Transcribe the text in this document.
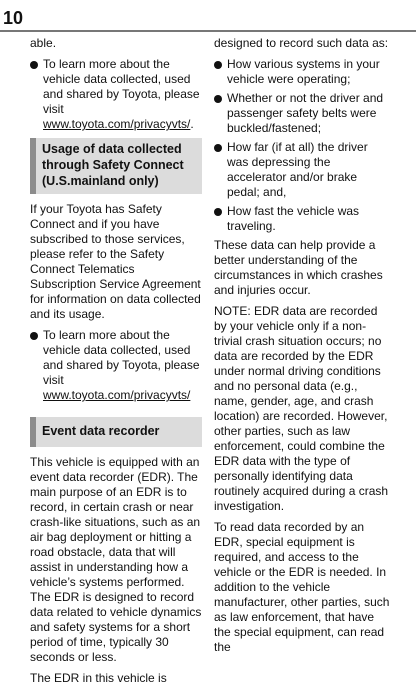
10

able.

To learn more about the vehicle data collected, used and shared by Toyota, please visit www.toyota.com/privacyvts/.
Usage of data collected through Safety Connect (U.S.mainland only)

If your Toyota has Safety Connect and if you have subscribed to those services, please refer to the Safety Connect Telematics Subscription Service Agreement for information on data collected and its usage.

To learn more about the vehicle data collected, used and shared by Toyota, please visit www.toyota.com/privacyvts/
Event data recorder

This vehicle is equipped with an event data recorder (EDR). The main purpose of an EDR is to record, in certain crash or near crash-like situations, such as an air bag deployment or hitting a road obstacle, data that will assist in understanding how a vehicle’s systems performed. The EDR is designed to record data related to vehicle dynamics and safety systems for a short period of time, typically 30 seconds or less.

The EDR in this vehicle is

designed to record such data as:

How various systems in your vehicle were operating;
Whether or not the driver and passenger safety belts were buckled/fastened;
How far (if at all) the driver was depressing the accelerator and/or brake pedal; and,
How fast the vehicle was traveling.

These data can help provide a better understanding of the circumstances in which crashes and injuries occur.

NOTE: EDR data are recorded by your vehicle only if a non-trivial crash situation occurs; no data are recorded by the EDR under normal driving conditions and no personal data (e.g., name, gender, age, and crash location) are recorded. However, other parties, such as law enforcement, could combine the EDR data with the type of personally identifying data routinely acquired during a crash investigation.

To read data recorded by an EDR, special equipment is required, and access to the vehicle or the EDR is needed. In addition to the vehicle manufacturer, other parties, such as law enforcement, that have the special equipment, can read the
